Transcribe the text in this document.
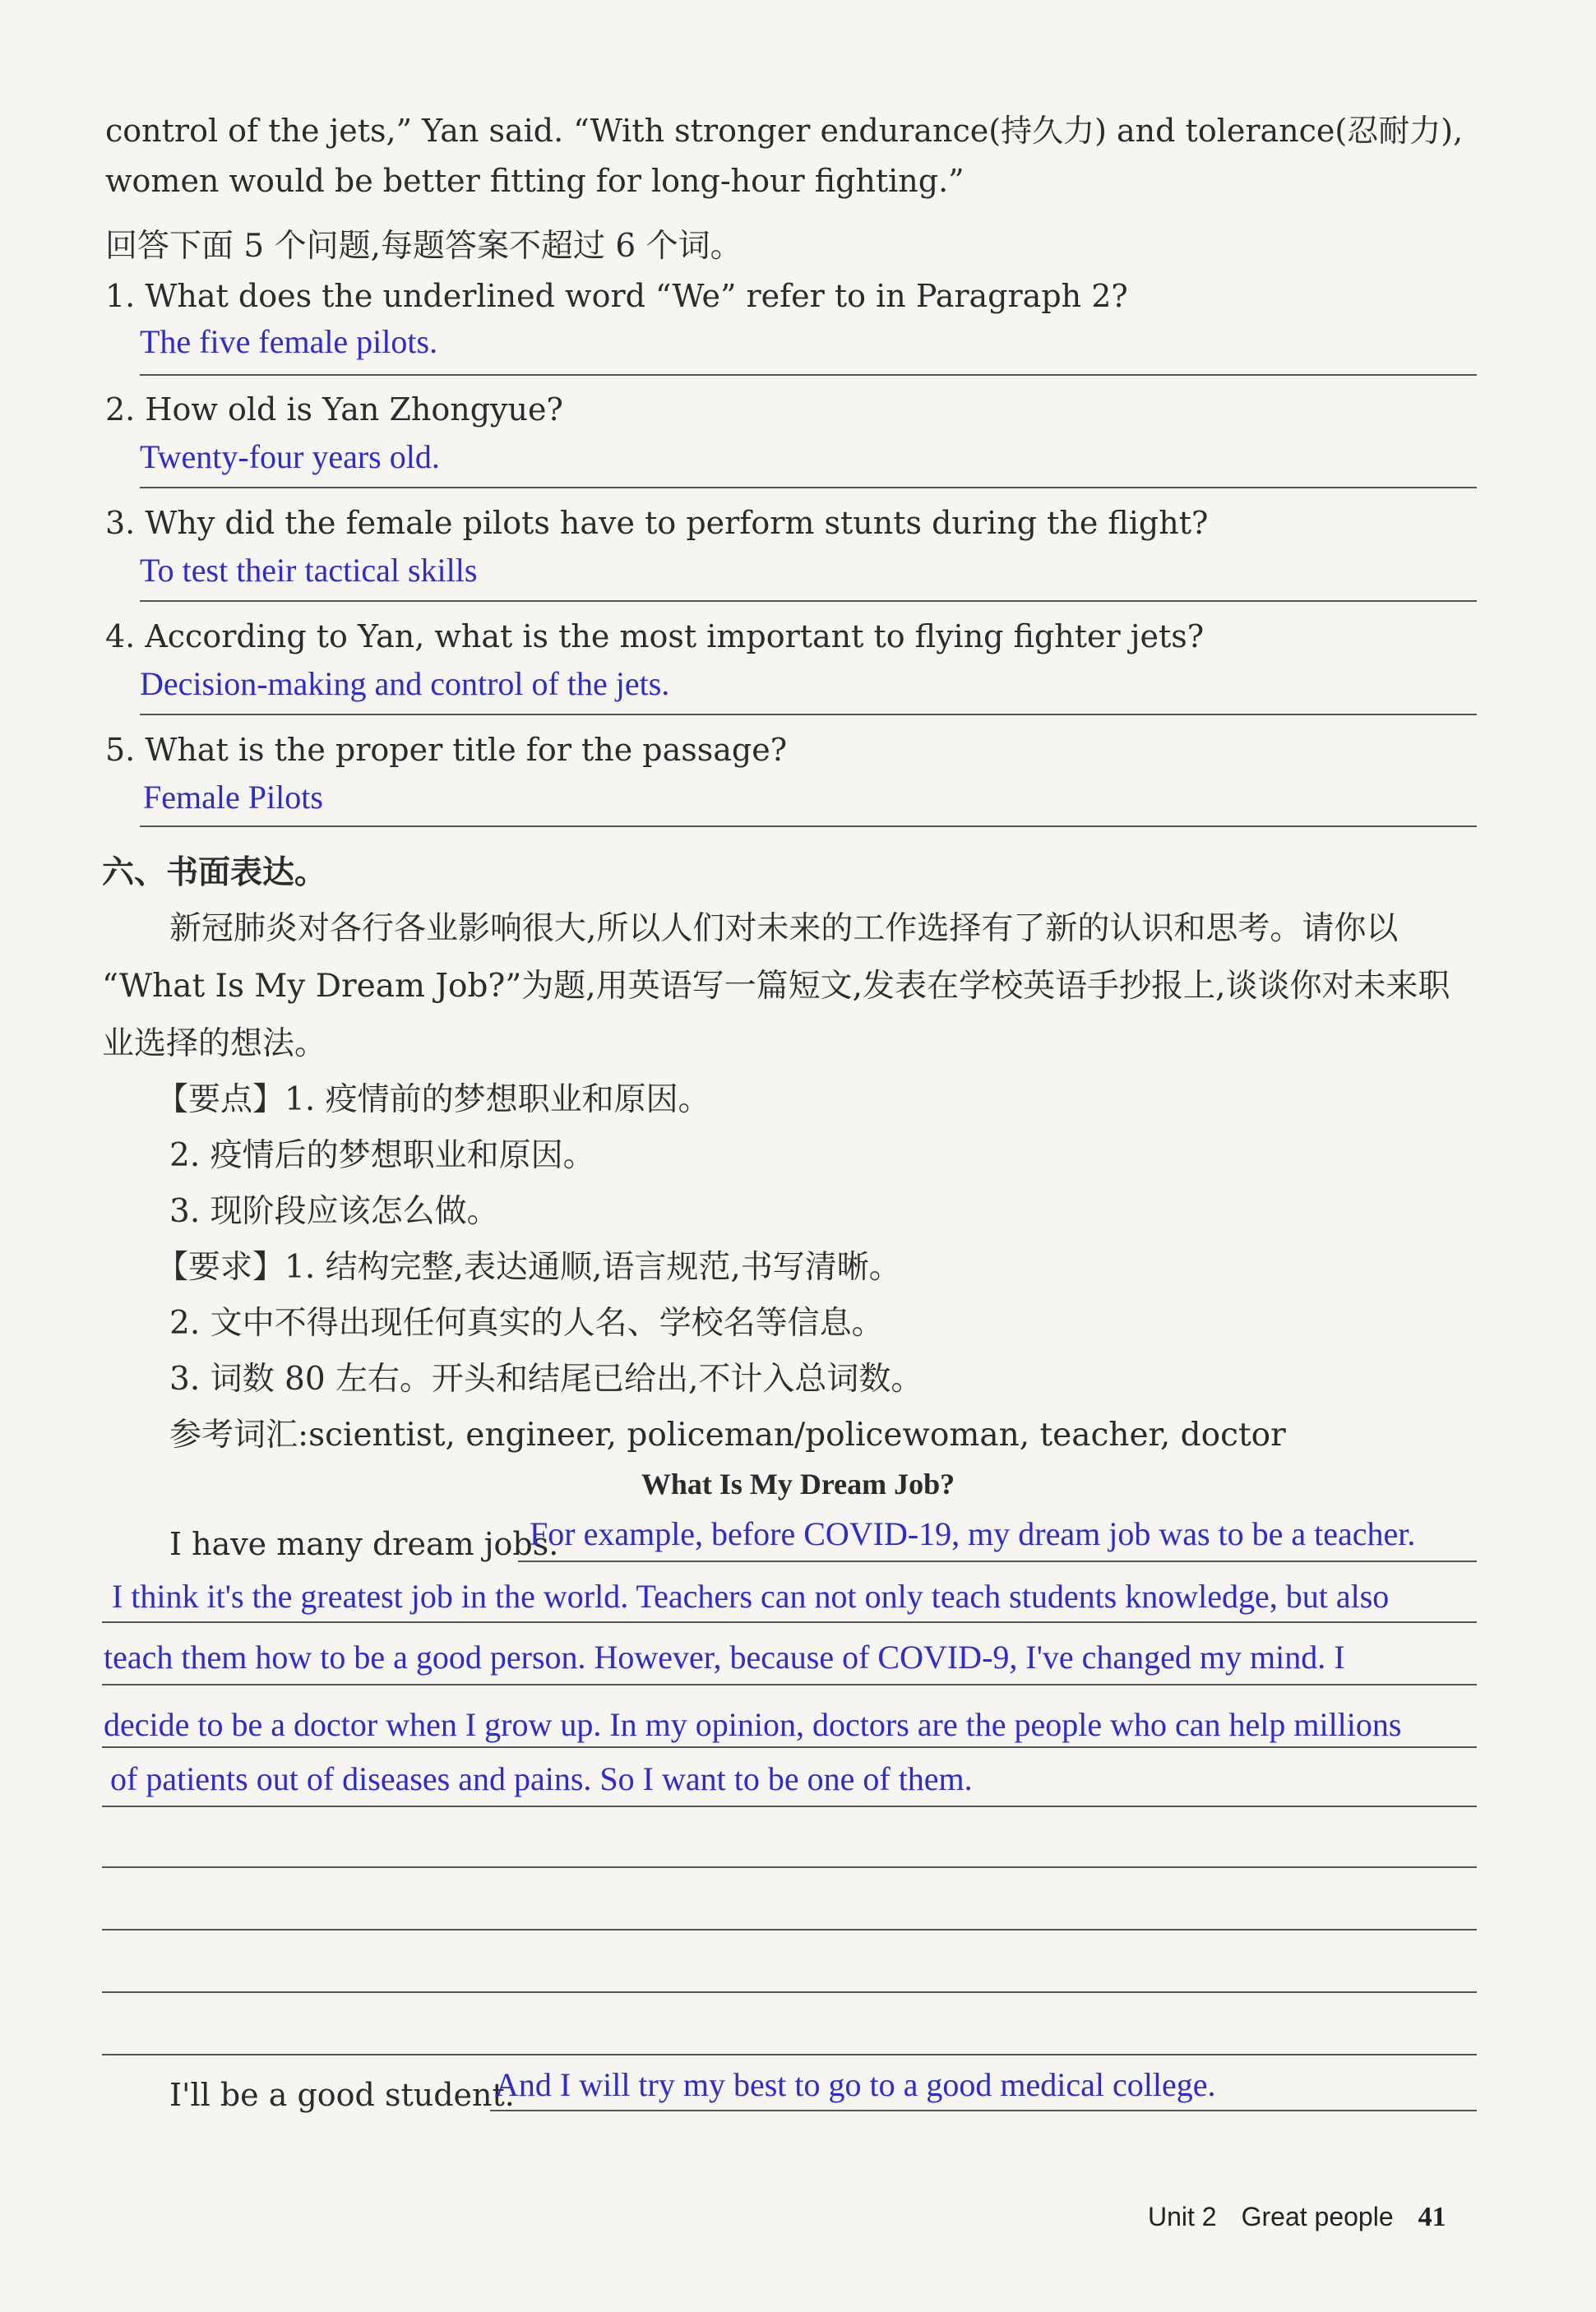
control of the jets,” Yan said. “With stronger endurance(持久力) and tolerance(忍耐力),
women would be better fitting for long-hour fighting.”
回答下面 5 个问题,每题答案不超过 6 个词。
1. What does the underlined word “We” refer to in Paragraph 2?
The five female pilots.
2. How old is Yan Zhongyue?
Twenty-four years old.
3. Why did the female pilots have to perform stunts during the flight?
To test their tactical skills
4. According to Yan, what is the most important to flying fighter jets?
Decision-making and control of the jets.
5. What is the proper title for the passage?
Female Pilots
六、书面表达。
新冠肺炎对各行各业影响很大,所以人们对未来的工作选择有了新的认识和思考。请你以
“What Is My Dream Job?”为题,用英语写一篇短文,发表在学校英语手抄报上,谈谈你对未来职
业选择的想法。
【要点】1. 疫情前的梦想职业和原因。
2. 疫情后的梦想职业和原因。
3. 现阶段应该怎么做。
【要求】1. 结构完整,表达通顺,语言规范,书写清晰。
2. 文中不得出现任何真实的人名、学校名等信息。
3. 词数 80 左右。开头和结尾已给出,不计入总词数。
参考词汇:scientist, engineer, policeman/policewoman, teacher, doctor
What Is My Dream Job?
I have many dream jobs.
For example, before COVID-19, my dream job was to be a teacher.
I think it's the greatest job in the world. Teachers can not only teach students knowledge, but also
teach them how to be a good person. However, because of COVID-9, I've changed my mind. I
decide to be a doctor when I grow up. In my opinion, doctors are the people who can help millions
of patients out of diseases and pains. So I want to be one of them.
I'll be a good student.
And I will try my best to go to a good medical college.
Unit 2 Great people 41
